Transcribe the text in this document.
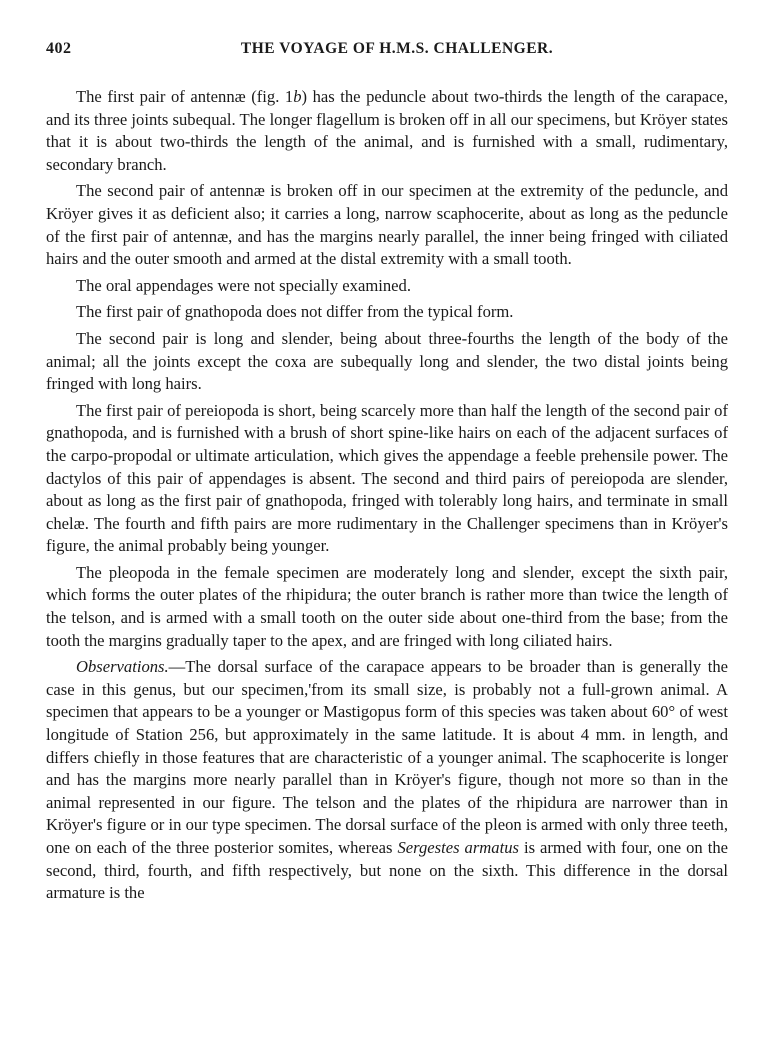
402	THE VOYAGE OF H.M.S. CHALLENGER.

The first pair of antennæ (fig. 1b) has the peduncle about two-thirds the length of the carapace, and its three joints subequal. The longer flagellum is broken off in all our specimens, but Kröyer states that it is about two-thirds the length of the animal, and is furnished with a small, rudimentary, secondary branch.

The second pair of antennæ is broken off in our specimen at the extremity of the peduncle, and Kröyer gives it as deficient also; it carries a long, narrow scaphocerite, about as long as the peduncle of the first pair of antennæ, and has the margins nearly parallel, the inner being fringed with ciliated hairs and the outer smooth and armed at the distal extremity with a small tooth.

The oral appendages were not specially examined.

The first pair of gnathopoda does not differ from the typical form.

The second pair is long and slender, being about three-fourths the length of the body of the animal; all the joints except the coxa are subequally long and slender, the two distal joints being fringed with long hairs.

The first pair of pereiopoda is short, being scarcely more than half the length of the second pair of gnathopoda, and is furnished with a brush of short spine-like hairs on each of the adjacent surfaces of the carpo-propodal or ultimate articulation, which gives the appendage a feeble prehensile power. The dactylos of this pair of appendages is absent. The second and third pairs of pereiopoda are slender, about as long as the first pair of gnathopoda, fringed with tolerably long hairs, and terminate in small chelæ. The fourth and fifth pairs are more rudimentary in the Challenger specimens than in Kröyer's figure, the animal probably being younger.

The pleopoda in the female specimen are moderately long and slender, except the sixth pair, which forms the outer plates of the rhipidura; the outer branch is rather more than twice the length of the telson, and is armed with a small tooth on the outer side about one-third from the base; from the tooth the margins gradually taper to the apex, and are fringed with long ciliated hairs.

Observations.—The dorsal surface of the carapace appears to be broader than is generally the case in this genus, but our specimen,'from its small size, is probably not a full-grown animal. A specimen that appears to be a younger or Mastigopus form of this species was taken about 60° of west longitude of Station 256, but approximately in the same latitude. It is about 4 mm. in length, and differs chiefly in those features that are characteristic of a younger animal. The scaphocerite is longer and has the margins more nearly parallel than in Kröyer's figure, though not more so than in the animal represented in our figure. The telson and the plates of the rhipidura are narrower than in Kröyer's figure or in our type specimen. The dorsal surface of the pleon is armed with only three teeth, one on each of the three posterior somites, whereas Sergestes armatus is armed with four, one on the second, third, fourth, and fifth respectively, but none on the sixth. This difference in the dorsal armature is the
